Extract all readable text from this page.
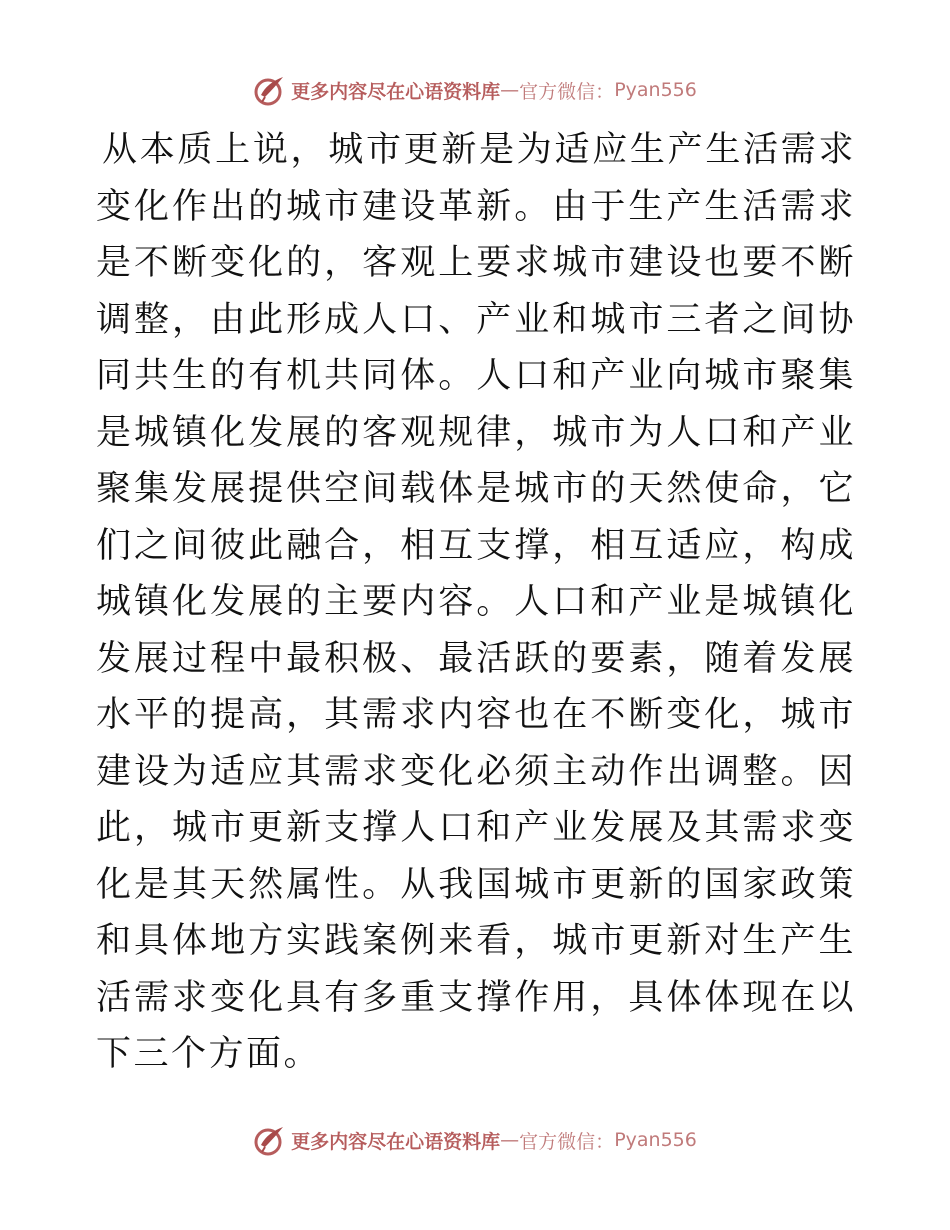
更多内容尽在心语资料库 — 官方微信： Pyan556

从本质上说，城市更新是为适应生产生活需求变化作出的城市建设革新。由于生产生活需求是不断变化的，客观上要求城市建设也要不断调整，由此形成人口、产业和城市三者之间协同共生的有机共同体。人口和产业向城市聚集是城镇化发展的客观规律，城市为人口和产业聚集发展提供空间载体是城市的天然使命，它们之间彼此融合，相互支撑，相互适应，构成城镇化发展的主要内容。人口和产业是城镇化发展过程中最积极、最活跃的要素，随着发展水平的提高，其需求内容也在不断变化，城市建设为适应其需求变化必须主动作出调整。因此，城市更新支撑人口和产业发展及其需求变化是其天然属性。从我国城市更新的国家政策和具体地方实践案例来看，城市更新对生产生活需求变化具有多重支撑作用，具体体现在以下三个方面。

更多内容尽在心语资料库 — 官方微信： Pyan556
